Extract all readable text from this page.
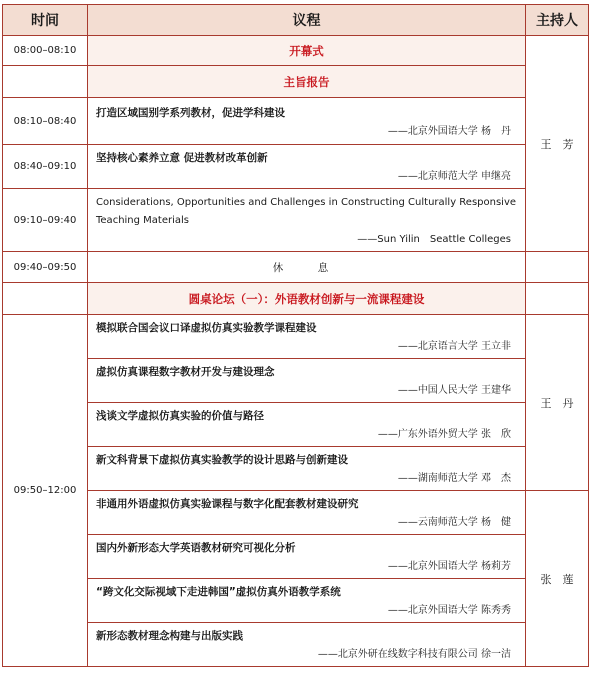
时间	议程	主持人
08:00–08:10	开幕式	王　芳
	主旨报告	
08:10–08:40	打造区域国别学系列教材，促进学科建设
——北京外国语大学 杨　丹	

08:40–09:10	坚持核心素养立意 促进教材改革创新
——北京师范大学 申继亮	

09:10–09:40	Considerations, Opportunities and Challenges in Constructing Culturally Responsive Teaching Materials
——Sun Yilin　Seattle Colleges	

09:40–09:50	休　息	
	圆桌论坛（一）：外语教材创新与一流课程建设	
09:50–12:00	模拟联合国会议口译虚拟仿真实验教学课程建设
——北京语言大学 王立非	王　丹

	虚拟仿真课程数字教材开发与建设理念
——中国人民大学 王建华	

	浅谈文学虚拟仿真实验的价值与路径
——广东外语外贸大学 张　欣	

	新文科背景下虚拟仿真实验教学的设计思路与创新建设
——湖南师范大学 邓　杰	

	非通用外语虚拟仿真实验课程与数字化配套教材建设研究
——云南师范大学 杨　健	张　莲

	国内外新形态大学英语教材研究可视化分析
——北京外国语大学 杨莉芳	

	“跨文化交际视域下走进韩国”虚拟仿真外语教学系统
——北京外国语大学 陈秀秀	

	新形态教材理念构建与出版实践
——北京外研在线数字科技有限公司 徐一洁	
